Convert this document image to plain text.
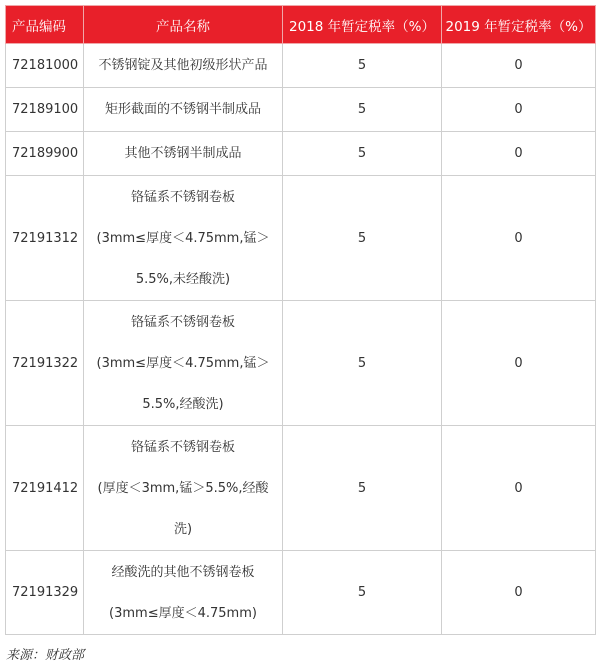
产品编码	产品名称	2018 年暂定税率（%）	2019 年暂定税率（%）
72181000	不锈钢锭及其他初级形状产品	5	0
72189100	矩形截面的不锈钢半制成品	5	0
72189900	其他不锈钢半制成品	5	0
72191312	铬锰系不锈钢卷板
(3mm≤厚度＜4.75mm,锰＞
5.5%,未经酸洗)	5	0
72191322	铬锰系不锈钢卷板
(3mm≤厚度＜4.75mm,锰＞
5.5%,经酸洗)	5	0
72191412	铬锰系不锈钢卷板
(厚度＜3mm,锰＞5.5%,经酸
洗)	5	0
72191329	经酸洗的其他不锈钢卷板
(3mm≤厚度＜4.75mm)	5	0
来源：财政部
